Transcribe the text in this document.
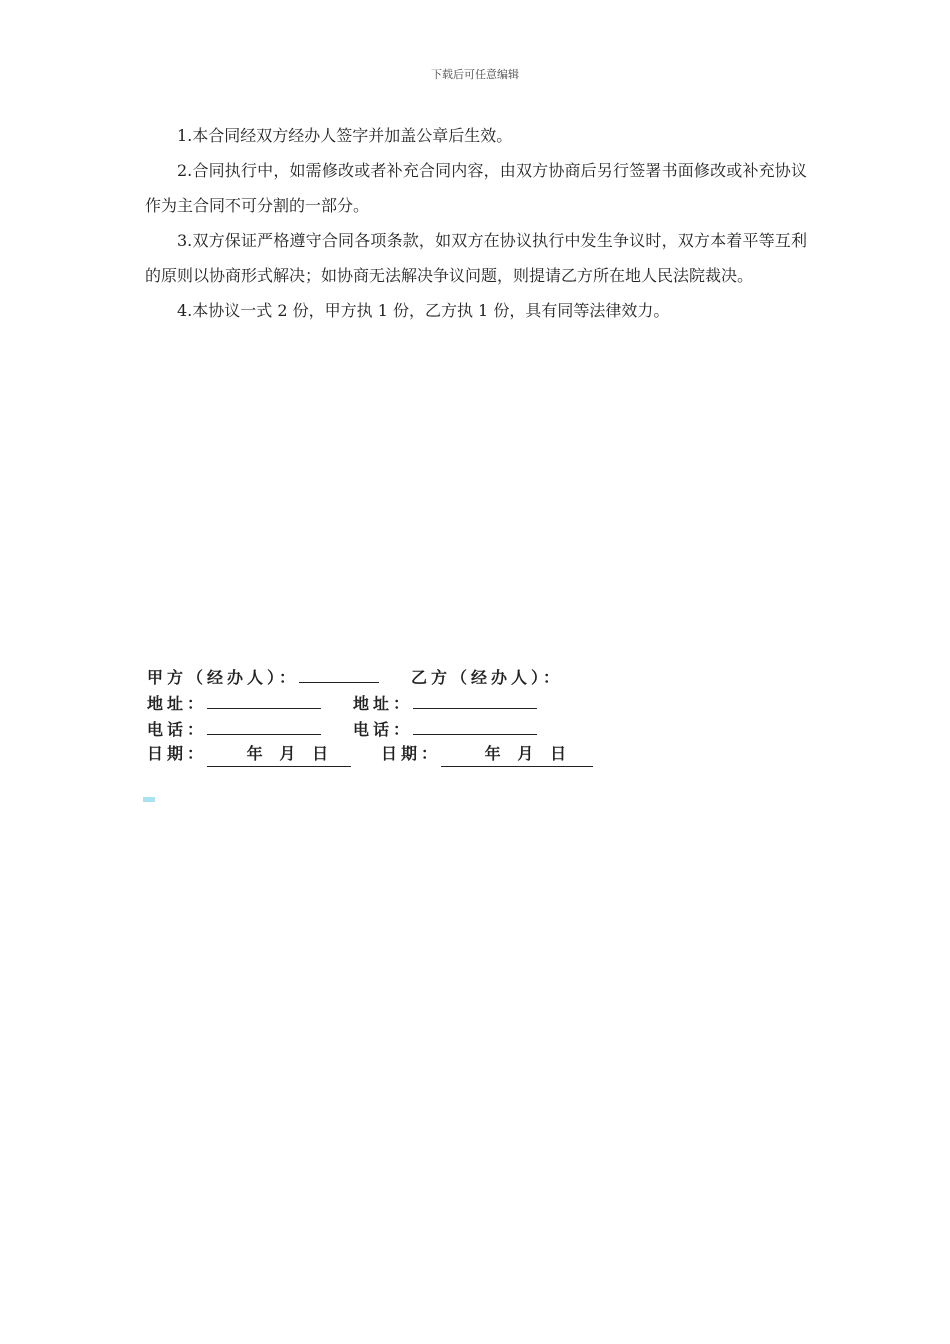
下载后可任意编辑

1.本合同经双方经办人签字并加盖公章后生效。

2.合同执行中，如需修改或者补充合同内容，由双方协商后另行签署书面修改或补充协议作为主合同不可分割的一部分。

3.双方保证严格遵守合同各项条款，如双方在协议执行中发生争议时，双方本着平等互利的原则以协商形式解决；如协商无法解决争议问题，则提请乙方所在地人民法院裁决。

4.本协议一式 2 份，甲方执 1 份，乙方执 1 份，具有同等法律效力。

甲方（经办人）：	乙方（经办人）：
地址：	地址：
电话：	电话：
日期：	年   月   日	日期：	年   月   日
